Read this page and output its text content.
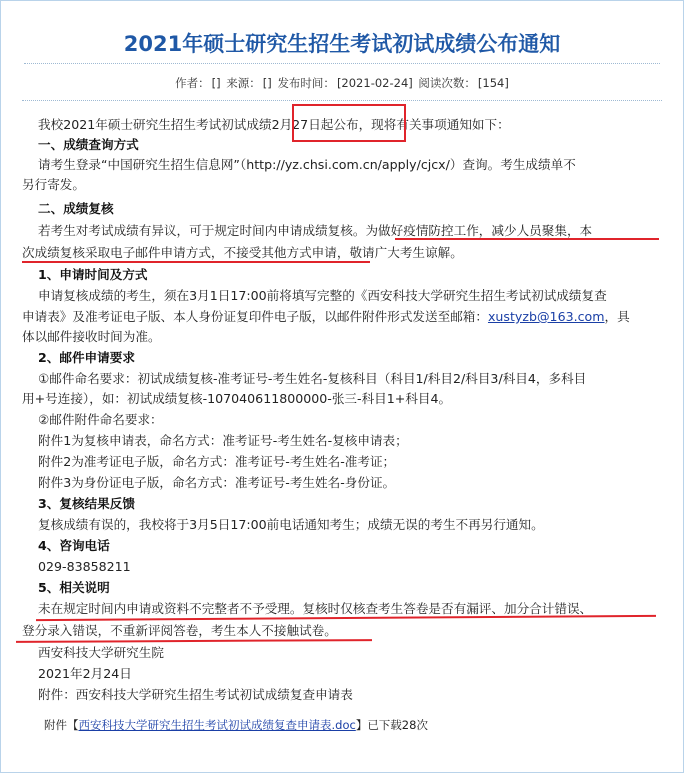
2021年硕士研究生招生考试初试成绩公布通知
作者： [] 来源： [] 发布时间： [2021-02-24] 阅读次数： [154]
我校2021年硕士研究生招生考试初试成绩2月27日起公布，现将有关事项通知如下：
一、成绩查询方式
请考生登录“中国研究生招生信息网”（http://yz.chsi.com.cn/apply/cjcx/）查询。考生成绩单不
另行寄发。
二、成绩复核
若考生对考试成绩有异议，可于规定时间内申请成绩复核。为做好疫情防控工作，减少人员聚集，本
次成绩复核采取电子邮件申请方式，不接受其他方式申请，敬请广大考生谅解。
1、申请时间及方式
申请复核成绩的考生，须在3月1日17:00前将填写完整的《西安科技大学研究生招生考试初试成绩复查
申请表》及准考证电子版、本人身份证复印件电子版，以邮件附件形式发送至邮箱：xustyzb@163.com，具
体以邮件接收时间为准。
2、邮件申请要求
①邮件命名要求：初试成绩复核-准考证号-考生姓名-复核科目（科目1/科目2/科目3/科目4，多科目
用+号连接），如：初试成绩复核-107040611800000-张三-科目1+科目4。
②邮件附件命名要求：
附件1为复核申请表，命名方式：准考证号-考生姓名-复核申请表；
附件2为准考证电子版，命名方式：准考证号-考生姓名-准考证；
附件3为身份证电子版，命名方式：准考证号-考生姓名-身份证。
3、复核结果反馈
复核成绩有误的，我校将于3月5日17:00前电话通知考生；成绩无误的考生不再另行通知。
4、咨询电话
029-83858211
5、相关说明
未在规定时间内申请或资料不完整者不予受理。复核时仅核查考生答卷是否有漏评、加分合计错误、
登分录入错误，不重新评阅答卷，考生本人不接触试卷。
西安科技大学研究生院
2021年2月24日
附件：西安科技大学研究生招生考试初试成绩复查申请表
附件【西安科技大学研究生招生考试初试成绩复查申请表.doc】已下载28次
